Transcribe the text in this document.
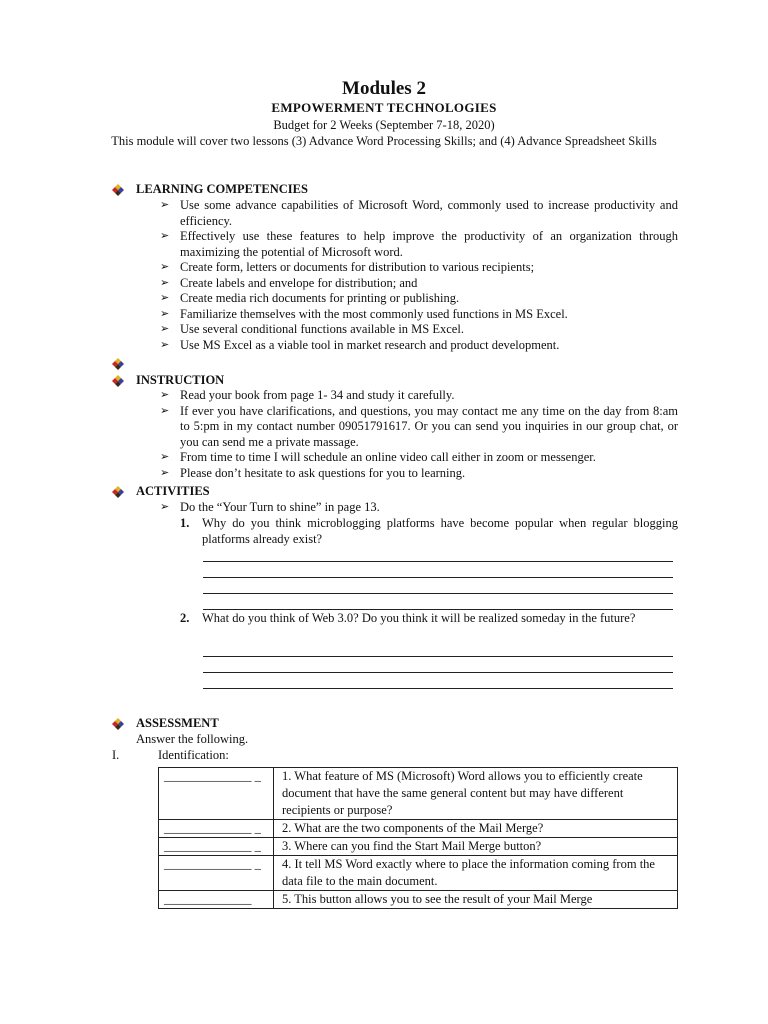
Modules 2
EMPOWERMENT TECHNOLOGIES
Budget for 2 Weeks (September 7-18, 2020)
This module will cover two lessons (3) Advance Word Processing Skills; and (4) Advance Spreadsheet Skills
LEARNING COMPETENCIES
➢ Use some advance capabilities of Microsoft Word, commonly used to increase productivity and efficiency.
➢ Effectively use these features to help improve the productivity of an organization through maximizing the potential of Microsoft word.
➢ Create form, letters or documents for distribution to various recipients;
➢ Create labels and envelope for distribution; and
➢ Create media rich documents for printing or publishing.
➢ Familiarize themselves with the most commonly used functions in MS Excel.
➢ Use several conditional functions available in MS Excel.
➢ Use MS Excel as a viable tool in market research and product development.
INSTRUCTION
➢ Read your book from page 1- 34 and study it carefully.
➢ If ever you have clarifications, and questions, you may contact me any time on the day from 8:am to 5:pm in my contact number 09051791617. Or you can send you inquiries in our group chat, or you can send me a private massage.
➢ From time to time I will schedule an online video call either in zoom or messenger.
➢ Please don’t hesitate to ask questions for you to learning.
ACTIVITIES
➢ Do the “Your Turn to shine” in page 13.
1. Why do you think microblogging platforms have become popular when regular blogging platforms already exist?
2. What do you think of Web 3.0? Do you think it will be realized someday in the future?
ASSESSMENT
Answer the following.
I.	Identification:
______________ _	1. What feature of MS (Microsoft) Word allows you to efficiently create document that have the same general content but may have different recipients or purpose?
______________ _	2. What are the two components of the Mail Merge?
______________ _	3. Where can you find the Start Mail Merge button?
______________ _	4. It tell MS Word exactly where to place the information coming from the data file to the main document.
______________	5. This button allows you to see the result of your Mail Merge
